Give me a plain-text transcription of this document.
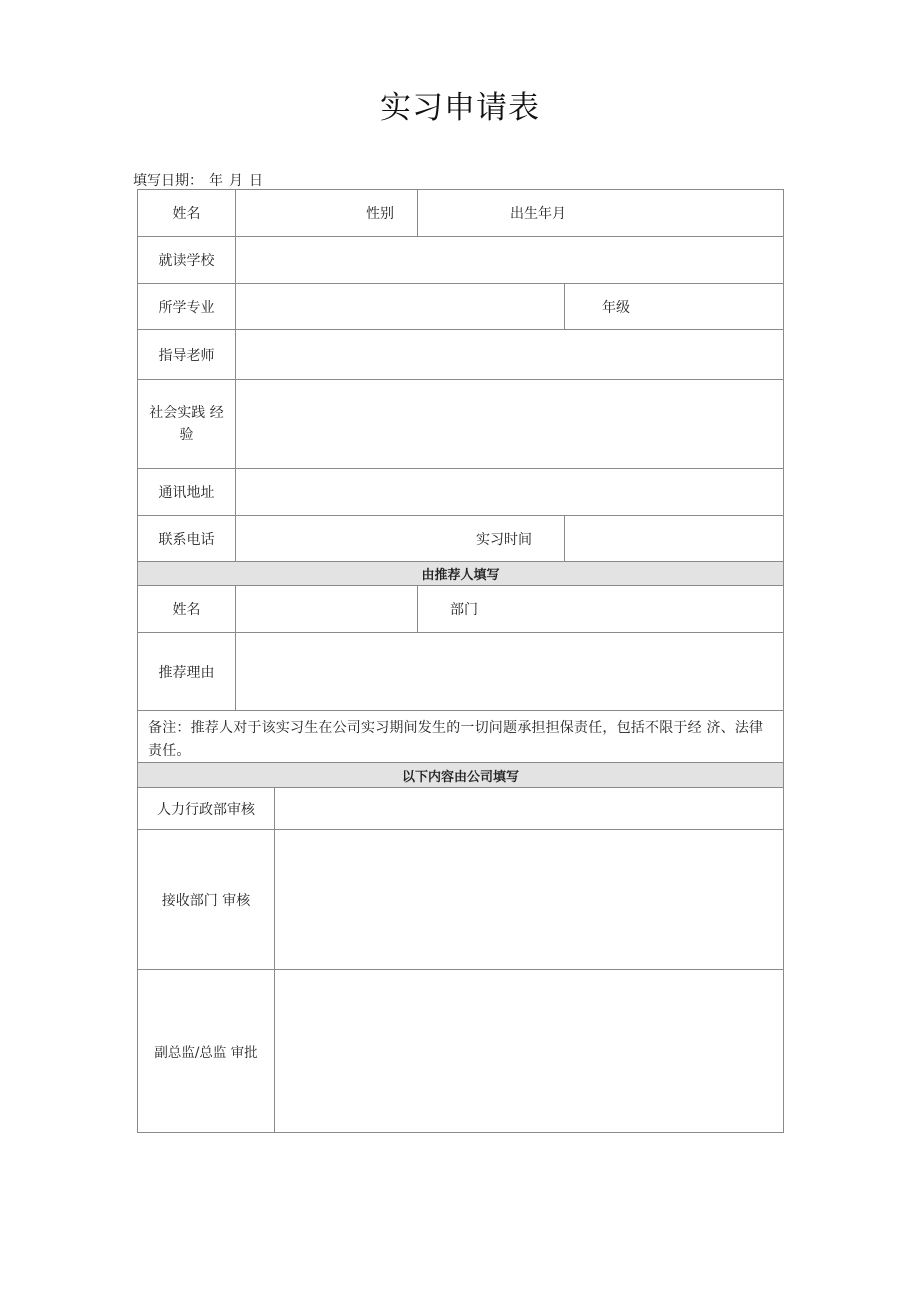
实习申请表
填写日期： 年 月 日
姓名	性别	出生年月
就读学校
所学专业	年级
指导老师
社会实践 经
验
通讯地址
联系电话	实习时间
由推荐人填写
姓名	部门
推荐理由
备注：推荐人对于该实习生在公司实习期间发生的一切问题承担担保责任，包括不限于经 济、法律责任。
以下内容由公司填写
人力行政部审核
接收部门 审核
副总监/总监 审批
